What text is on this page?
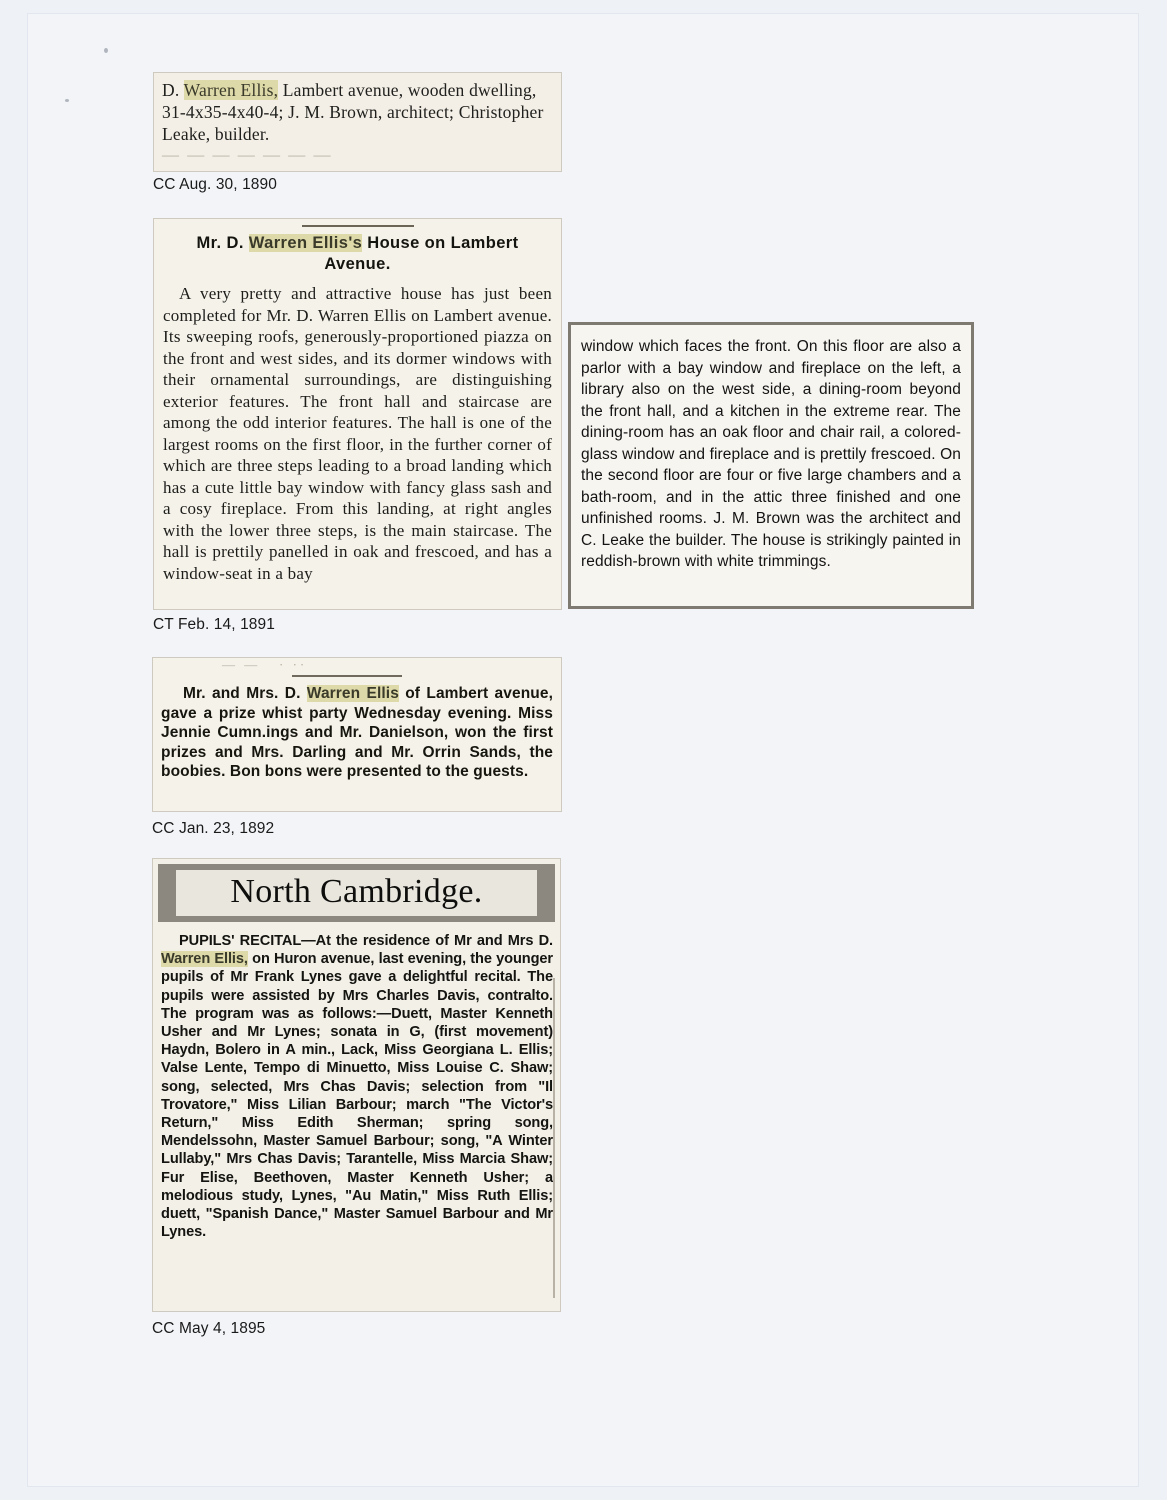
D. Warren Ellis, Lambert avenue, wooden dwelling, 31-4x35-4x40-4; J. M. Brown, architect; Christopher Leake, builder.
— — — — — — —
CC Aug. 30, 1890
Mr. D. Warren Ellis's House on Lambert Avenue.
A very pretty and attractive house has just been completed for Mr. D. Warren Ellis on Lambert avenue. Its sweeping roofs, generously-proportioned piazza on the front and west sides, and its dormer windows with their ornamental surroundings, are distinguishing exterior features. The front hall and staircase are among the odd interior features. The hall is one of the largest rooms on the first floor, in the further corner of which are three steps leading to a broad landing which has a cute little bay window with fancy glass sash and a cosy fireplace. From this landing, at right angles with the lower three steps, is the main staircase. The hall is prettily panelled in oak and frescoed, and has a window-seat in a bay
CT Feb. 14, 1891
window which faces the front. On this floor are also a parlor with a bay window and fireplace on the left, a library also on the west side, a dining-room beyond the front hall, and a kitchen in the extreme rear. The dining-room has an oak floor and chair rail, a colored-glass window and fireplace and is prettily frescoed. On the second floor are four or five large chambers and a bath-room, and in the attic three finished and one unfinished rooms. J. M. Brown was the architect and C. Leake the builder. The house is strikingly painted in reddish-brown with white trimmings.
— —   · ··
Mr. and Mrs. D. Warren Ellis of Lambert avenue, gave a prize whist party Wednesday evening. Miss Jennie Cumn.ings and Mr. Danielson, won the first prizes and Mrs. Darling and Mr. Orrin Sands, the boobies. Bon bons were presented to the guests.
CC Jan. 23, 1892
North Cambridge.
PUPILS' RECITAL—At the residence of Mr and Mrs D. Warren Ellis, on Huron avenue, last evening, the younger pupils of Mr Frank Lynes gave a delightful recital. The pupils were assisted by Mrs Charles Davis, contralto. The program was as follows:—Duett, Master Kenneth Usher and Mr Lynes; sonata in G, (first movement) Haydn, Bolero in A min., Lack, Miss Georgiana L. Ellis; Valse Lente, Tempo di Minuetto, Miss Louise C. Shaw; song, selected, Mrs Chas Davis; selection from "Il Trovatore," Miss Lilian Barbour; march "The Victor's Return," Miss Edith Sherman; spring song, Mendelssohn, Master Samuel Barbour; song, "A Winter Lullaby," Mrs Chas Davis; Tarantelle, Miss Marcia Shaw; Fur Elise, Beethoven, Master Kenneth Usher; a melodious study, Lynes, "Au Matin," Miss Ruth Ellis; duett, "Spanish Dance," Master Samuel Barbour and Mr Lynes.
CC May 4, 1895
